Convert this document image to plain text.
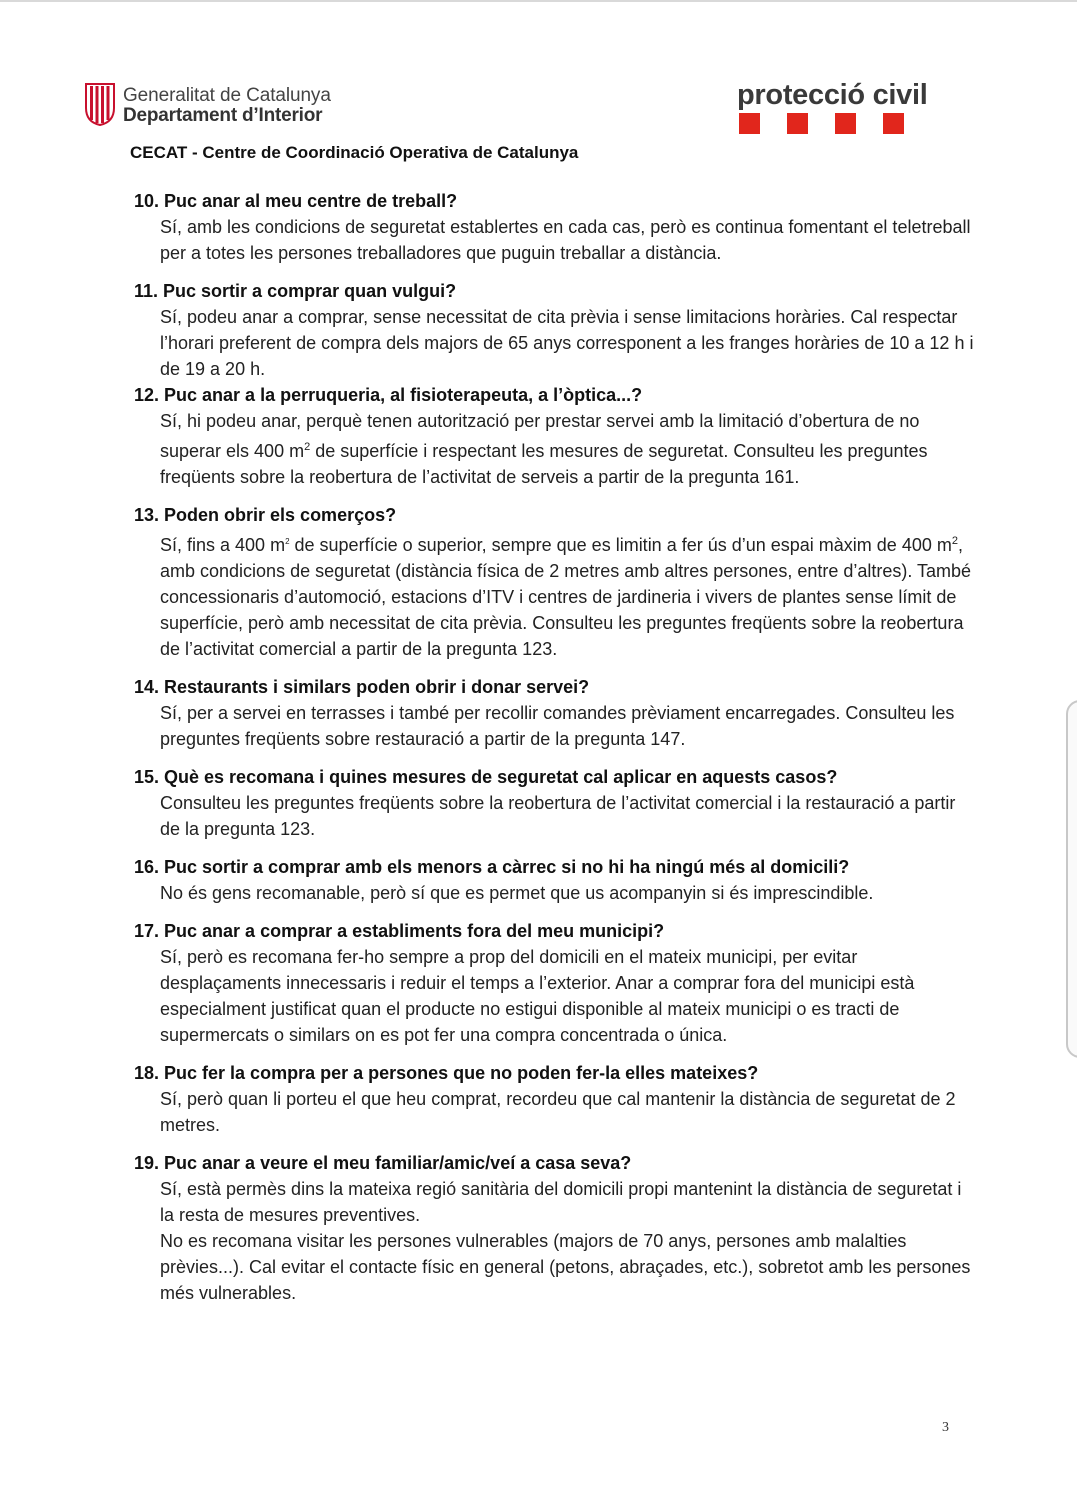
Generalitat de Catalunya
Departament d’Interior
protecció civil
CECAT - Centre de Coordinació Operativa de Catalunya
10. Puc anar al meu centre de treball?
Sí, amb les condicions de seguretat establertes en cada cas, però es continua fomentant el teletreball per a totes les persones treballadores que puguin treballar a distància.
11. Puc sortir a comprar quan vulgui?
Sí, podeu anar a comprar, sense necessitat de cita prèvia i sense limitacions horàries. Cal respectar l’horari preferent de compra dels majors de 65 anys corresponent a les franges horàries de 10 a 12 h i de 19 a 20 h.
12. Puc anar a la perruqueria, al fisioterapeuta, a l’òptica...?
Sí, hi podeu anar, perquè tenen autorització per prestar servei amb la limitació d’obertura de no superar els 400 $m^2$ de superfície i respectant les mesures de seguretat. Consulteu les preguntes freqüents sobre la reobertura de l’activitat de serveis a partir de la pregunta 161.
13. Poden obrir els comerços?
Sí, fins a 400 $m^2$ de superfície o superior, sempre que es limitin a fer ús d’un espai màxim de 400 $m^2$, amb condicions de seguretat (distància física de 2 metres amb altres persones, entre d’altres). També concessionaris d’automoció, estacions d’ITV i centres de jardineria i vivers de plantes sense límit de superfície, però amb necessitat de cita prèvia. Consulteu les preguntes freqüents sobre la reobertura de l’activitat comercial a partir de la pregunta 123.
14. Restaurants i similars poden obrir i donar servei?
Sí, per a servei en terrasses i també per recollir comandes prèviament encarregades. Consulteu les preguntes freqüents sobre restauració a partir de la pregunta 147.
15. Què es recomana i quines mesures de seguretat cal aplicar en aquests casos?
Consulteu les preguntes freqüents sobre la reobertura de l’activitat comercial i la restauració a partir de la pregunta 123.
16. Puc sortir a comprar amb els menors a càrrec si no hi ha ningú més al domicili?
No és gens recomanable, però sí que es permet que us acompanyin si és imprescindible.
17. Puc anar a comprar a establiments fora del meu municipi?
Sí, però es recomana fer-ho sempre a prop del domicili en el mateix municipi, per evitar desplaçaments innecessaris i reduir el temps a l’exterior. Anar a comprar fora del municipi està especialment justificat quan el producte no estigui disponible al mateix municipi o es tracti de supermercats o similars on es pot fer una compra concentrada o única.
18. Puc fer la compra per a persones que no poden fer-la elles mateixes?
Sí, però quan li porteu el que heu comprat, recordeu que cal mantenir la distància de seguretat de 2 metres.
19. Puc anar a veure el meu familiar/amic/veí a casa seva?

Sí, està permès dins la mateixa regió sanitària del domicili propi mantenint la distància de seguretat i la resta de mesures preventives.

No es recomana visitar les persones vulnerables (majors de 70 anys, persones amb malalties prèvies...). Cal evitar el contacte físic en general (petons, abraçades, etc.), sobretot amb les persones més vulnerables.

3
